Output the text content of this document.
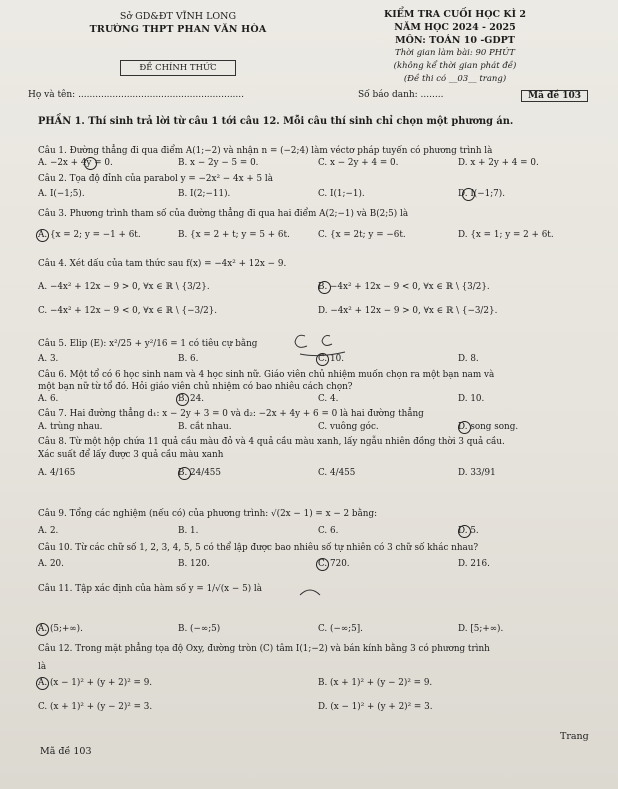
Sở GD&ĐT VĨNH LONG
TRƯỜNG THPT PHAN VĂN HÒA
ĐỀ CHÍNH THỨC
KIỂM TRA CUỐI HỌC KÌ 2
NĂM HỌC 2024 - 2025
MÔN: TOÁN 10 -GDPT
Thời gian làm bài: 90 PHÚT
(không kể thời gian phát đề)
(Đề thi có __03__ trang)
Họ và tên: ..........................................................	Số báo danh: ........	Mã đề 103
PHẦN 1. Thí sinh trả lời từ câu 1 tới câu 12. Mỗi câu thí sinh chỉ chọn một phương án.
Câu 1. Đường thẳng đi qua điểm A(1;−2) và nhận n = (−2;4) làm véctơ pháp tuyến có phương trình là
A. −2x + 4y = 0.	B. x − 2y − 5 = 0.	C. x − 2y + 4 = 0.	D. x + 2y + 4 = 0.
Câu 2. Tọa độ đỉnh của parabol y = −2x² − 4x + 5 là
A. I(−1;5).	B. I(2;−11).	C. I(1;−1).	D. I(−1;7).
Câu 3. Phương trình tham số của đường thẳng đi qua hai điểm A(2;−1) và B(2;5) là
A. {x = 2; y = −1 + 6t.	B. {x = 2 + t; y = 5 + 6t.	C. {x = 2t; y = −6t.	D. {x = 1; y = 2 + 6t.
Câu 4. Xét dấu của tam thức sau f(x) = −4x² + 12x − 9.
A. −4x² + 12x − 9 > 0, ∀x ∈ ℝ \ {3/2}.	B. −4x² + 12x − 9 < 0, ∀x ∈ ℝ \ {3/2}.
C. −4x² + 12x − 9 < 0, ∀x ∈ ℝ \ {−3/2}.	D. −4x² + 12x − 9 > 0, ∀x ∈ ℝ \ {−3/2}.
Câu 5. Elip (E): x²/25 + y²/16 = 1 có tiêu cự bằng
A. 3.	B. 6.	C. 10.	D. 8.
Câu 6. Một tổ có 6 học sinh nam và 4 học sinh nữ. Giáo viên chủ nhiệm muốn chọn ra một bạn nam và
một bạn nữ từ tổ đó. Hỏi giáo viên chủ nhiệm có bao nhiêu cách chọn?
A. 6.	B. 24.	C. 4.	D. 10.
Câu 7. Hai đường thẳng d₁: x − 2y + 3 = 0 và d₂: −2x + 4y + 6 = 0 là hai đường thẳng
A. trùng nhau.	B. cắt nhau.	C. vuông góc.	D. song song.
Câu 8. Từ một hộp chứa 11 quả cầu màu đỏ và 4 quả cầu màu xanh, lấy ngẫu nhiên đồng thời 3 quả cầu.
Xác suất để lấy được 3 quả cầu màu xanh
A. 4/165	B. 24/455	C. 4/455	D. 33/91
Câu 9. Tổng các nghiệm (nếu có) của phương trình: √(2x − 1) = x − 2 bằng:
A. 2.	B. 1.	C. 6.	D. 5.
Câu 10. Từ các chữ số 1, 2, 3, 4, 5, 5 có thể lập được bao nhiêu số tự nhiên có 3 chữ số khác nhau?
A. 20.	B. 120.	C. 720.	D. 216.
Câu 11. Tập xác định của hàm số y = 1/√(x − 5) là
A. (5;+∞).	B. (−∞;5)	C. (−∞;5].	D. [5;+∞).
Câu 12. Trong mặt phẳng tọa độ Oxy, đường tròn (C) tâm I(1;−2) và bán kính bằng 3 có phương trình
là
A. (x − 1)² + (y + 2)² = 9.	B. (x + 1)² + (y − 2)² = 9.
C. (x + 1)² + (y − 2)² = 3.	D. (x − 1)² + (y + 2)² = 3.
Mã đề 103
Trang
